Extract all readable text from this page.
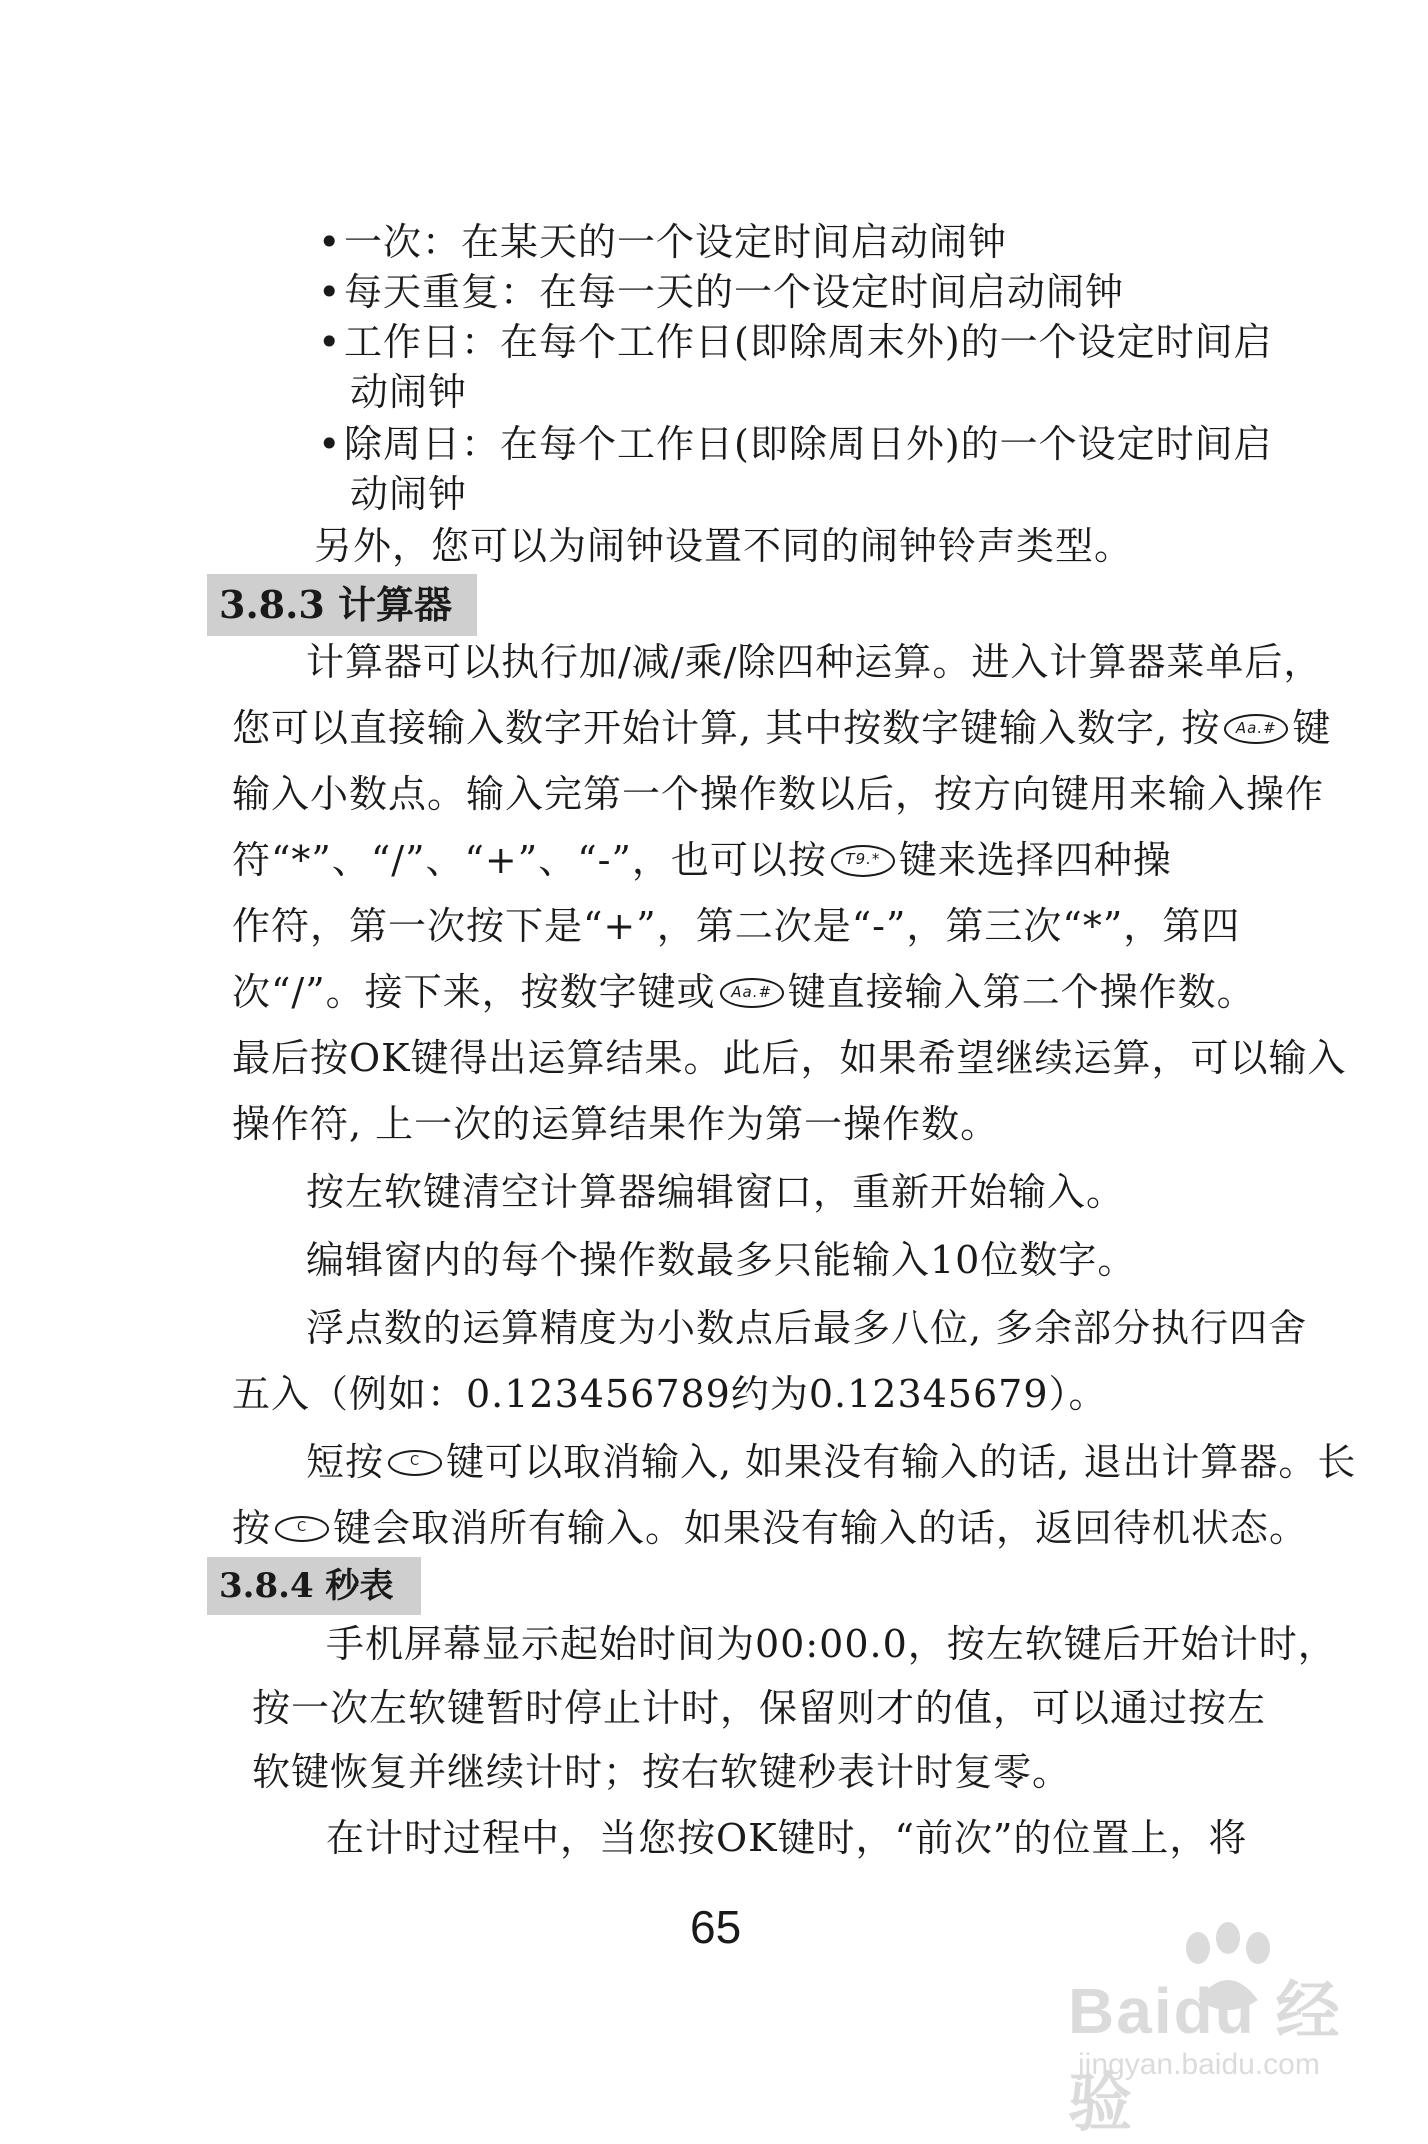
•一次：在某天的一个设定时间启动闹钟
•每天重复：在每一天的一个设定时间启动闹钟
•工作日：在每个工作日(即除周末外)的一个设定时间启
动闹钟
•除周日：在每个工作日(即除周日外)的一个设定时间启
动闹钟
另外，您可以为闹钟设置不同的闹钟铃声类型。
3.8.3 计算器
计算器可以执行加/减/乘/除四种运算。进入计算器菜单后，
您可以直接输入数字开始计算, 其中按数字键输入数字, 按 Aa.# 键
输入小数点。输入完第一个操作数以后，按方向键用来输入操作
符“*”、“/”、“+”、“-”，也可以按 T9.* 键来选择四种操
作符，第一次按下是“+”，第二次是“-”，第三次“*”，第四
次“/”。接下来，按数字键或 Aa.# 键直接输入第二个操作数。
最后按OK键得出运算结果。此后，如果希望继续运算，可以输入
操作符, 上一次的运算结果作为第一操作数。
按左软键清空计算器编辑窗口，重新开始输入。
编辑窗内的每个操作数最多只能输入10位数字。
浮点数的运算精度为小数点后最多八位, 多余部分执行四舍
五入（例如：0.123456789约为0.12345679）。
短按 C 键可以取消输入, 如果没有输入的话, 退出计算器。长
按 C 键会取消所有输入。如果没有输入的话，返回待机状态。
3.8.4 秒表
手机屏幕显示起始时间为00:00.0，按左软键后开始计时，
按一次左软键暂时停止计时，保留则才的值，可以通过按左
软键恢复并继续计时；按右软键秒表计时复零。
在计时过程中，当您按OK键时，“前次”的位置上，将
65
Baidu 经验
jingyan.baidu.com
